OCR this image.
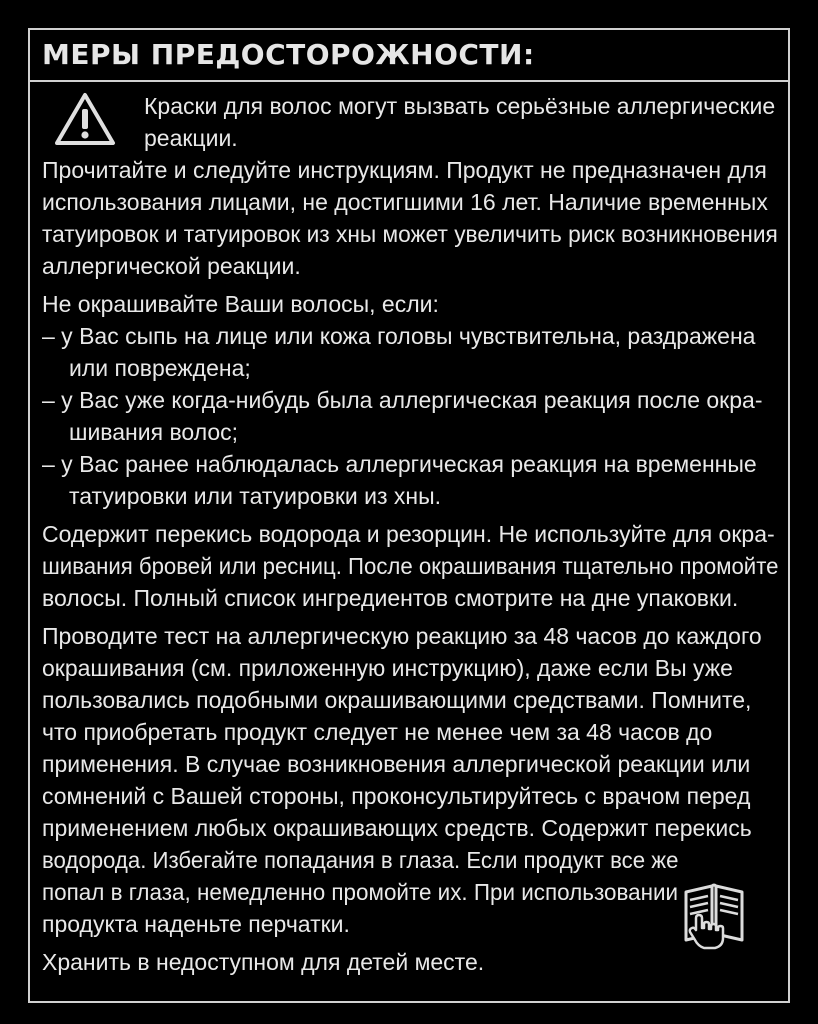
МЕРЫ ПРЕДОСТОРОЖНОСТИ:
Краски для волос могут вызвать серьёзные аллергические
реакции.
Прочитайте и следуйте инструкциям. Продукт не предназначен для
использования лицами, не достигшими 16 лет. Наличие временных
татуировок и татуировок из хны может увеличить риск возникновения
аллергической реакции.
Не окрашивайте Ваши волосы, если:
– у Вас сыпь на лице или кожа головы чувствительна, раздражена
или повреждена;
– у Вас уже когда-нибудь была аллергическая реакция после окра-
шивания волос;
– у Вас ранее наблюдалась аллергическая реакция на временные
татуировки или татуировки из хны.
Содержит перекись водорода и резорцин. Не используйте для окра-
шивания бровей или ресниц. После окрашивания тщательно промойте
волосы. Полный список ингредиентов смотрите на дне упаковки.
Проводите тест на аллергическую реакцию за 48 часов до каждого
окрашивания (см. приложенную инструкцию), даже если Вы уже
пользовались подобными окрашивающими средствами. Помните,
что приобретать продукт следует не менее чем за 48 часов до
применения. В случае возникновения аллергической реакции или
сомнений с Вашей стороны, проконсультируйтесь с врачом перед
применением любых окрашивающих средств. Содержит перекись
водорода. Избегайте попадания в глаза. Если продукт все же
попал в глаза, немедленно промойте их. При использовании
продукта наденьте перчатки.
Хранить в недоступном для детей месте.
